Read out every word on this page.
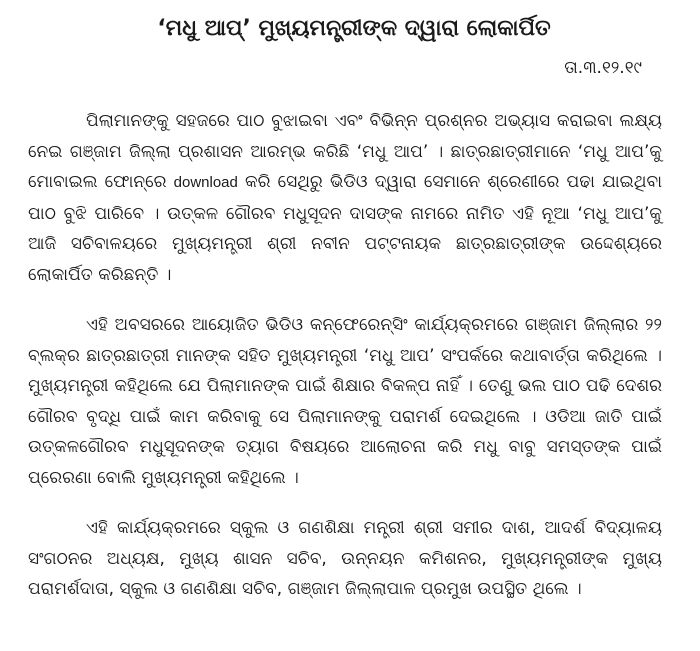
‘ମଧୁ ଆପ୍’ ମୁଖ୍ୟମନ୍ତ୍ରୀଙ୍କ ଦ୍ୱାରା ଲୋକାର୍ପିତ
ତା.୩.୧୨.୧୯

ପିଲାମାନଙ୍କୁ ସହଜରେ ପାଠ ବୁଝାଇବା ଏବଂ ବିଭିନ୍ନ ପ୍ରଶ୍ନର ଅଭ୍ୟାସ କରାଇବା ଲକ୍ଷ୍ୟ ନେଇ ଗଞ୍ଜାମ ଜିଲ୍ଲା ପ୍ରଶାସନ ଆରମ୍ଭ କରିଛି ‘ମଧୁ ଆପ’ । ଛାତ୍ରଛାତ୍ରୀମାନେ ‘ମଧୁ ଆପ’କୁ ମୋବାଇଲ ଫୋନ୍‌ରେ download କରି ସେଥିରୁ ଭିଡିଓ ଦ୍ୱାରା ସେମାନେ ଶ୍ରେଣୀରେ ପଢା ଯାଇଥିବା ପାଠ ବୁଝି ପାରିବେ । ଉତ୍କଳ ଗୌରବ ମଧୁସୂଦନ ଦାସଙ୍କ ନାମରେ ନାମିତ ଏହି ନୂଆ ‘ମଧୁ ଆପ’କୁ ଆଜି ସଚିବାଳୟରେ ମୁଖ୍ୟମନ୍ତ୍ରୀ ଶ୍ରୀ ନବୀନ ପଟ୍ଟନାୟକ ଛାତ୍ରଛାତ୍ରୀଙ୍କ ଉଦ୍ଦେଶ୍ୟରେ ଲୋକାର୍ପିତ କରିଛନ୍ତି ।

ଏହି ଅବସରରେ ଆୟୋଜିତ ଭିଡିଓ କନ୍‌ଫେରେନ୍ସିଂ କାର୍ଯ୍ୟକ୍ରମରେ ଗଞ୍ଜାମ ଜିଲ୍ଲାର ୨୨ ବ୍ଲକ୍‌ର ଛାତ୍ରଛାତ୍ରୀ ମାନଙ୍କ ସହିତ ମୁଖ୍ୟମନ୍ତ୍ରୀ ‘ମଧୁ ଆପ’ ସଂପର୍କରେ କଥାବାର୍ତ୍ତା କରିଥିଲେ । ମୁଖ୍ୟମନ୍ତ୍ରୀ କହିଥିଲେ ଯେ ପିଲାମାନଙ୍କ ପାଇଁ ଶିକ୍ଷାର ବିକଳ୍ପ ନାହିଁ । ତେଣୁ ଭଲ ପାଠ ପଢି ଦେଶର ଗୌରବ ବୃଦ୍ଧି ପାଇଁ କାମ କରିବାକୁ ସେ ପିଲାମାନଙ୍କୁ ପରାମର୍ଶ ଦେଇଥିଲେ । ଓଡିଆ ଜାତି ପାଇଁ ଉତ୍କଳଗୌରବ ମଧୁସୂଦନଙ୍କ ତ୍ୟାଗ ବିଷୟରେ ଆଲୋଚନା କରି ମଧୁ ବାବୁ ସମସ୍ତଙ୍କ ପାଇଁ ପ୍ରେରଣା ବୋଲି ମୁଖ୍ୟମନ୍ତ୍ରୀ କହିଥିଲେ ।

ଏହି କାର୍ଯ୍ୟକ୍ରମରେ ସ୍କୁଲ ଓ ଗଣଶିକ୍ଷା ମନ୍ତ୍ରୀ ଶ୍ରୀ ସମୀର ଦାଶ, ଆଦର୍ଶ ବିଦ୍ୟାଳୟ ସଂଗଠନର ଅଧ୍ୟକ୍ଷ, ମୁଖ୍ୟ ଶାସନ ସଚିବ, ଉନ୍ନୟନ କମିଶନର, ମୁଖ୍ୟମନ୍ତ୍ରୀଙ୍କ ମୁଖ୍ୟ ପରାମର୍ଶଦାତା, ସ୍କୁଲ ଓ ଗଣଶିକ୍ଷା ସଚିବ, ଗଞ୍ଜାମ ଜିଲ୍ଲାପାଳ ପ୍ରମୁଖ ଉପସ୍ଥିତ ଥିଲେ ।
